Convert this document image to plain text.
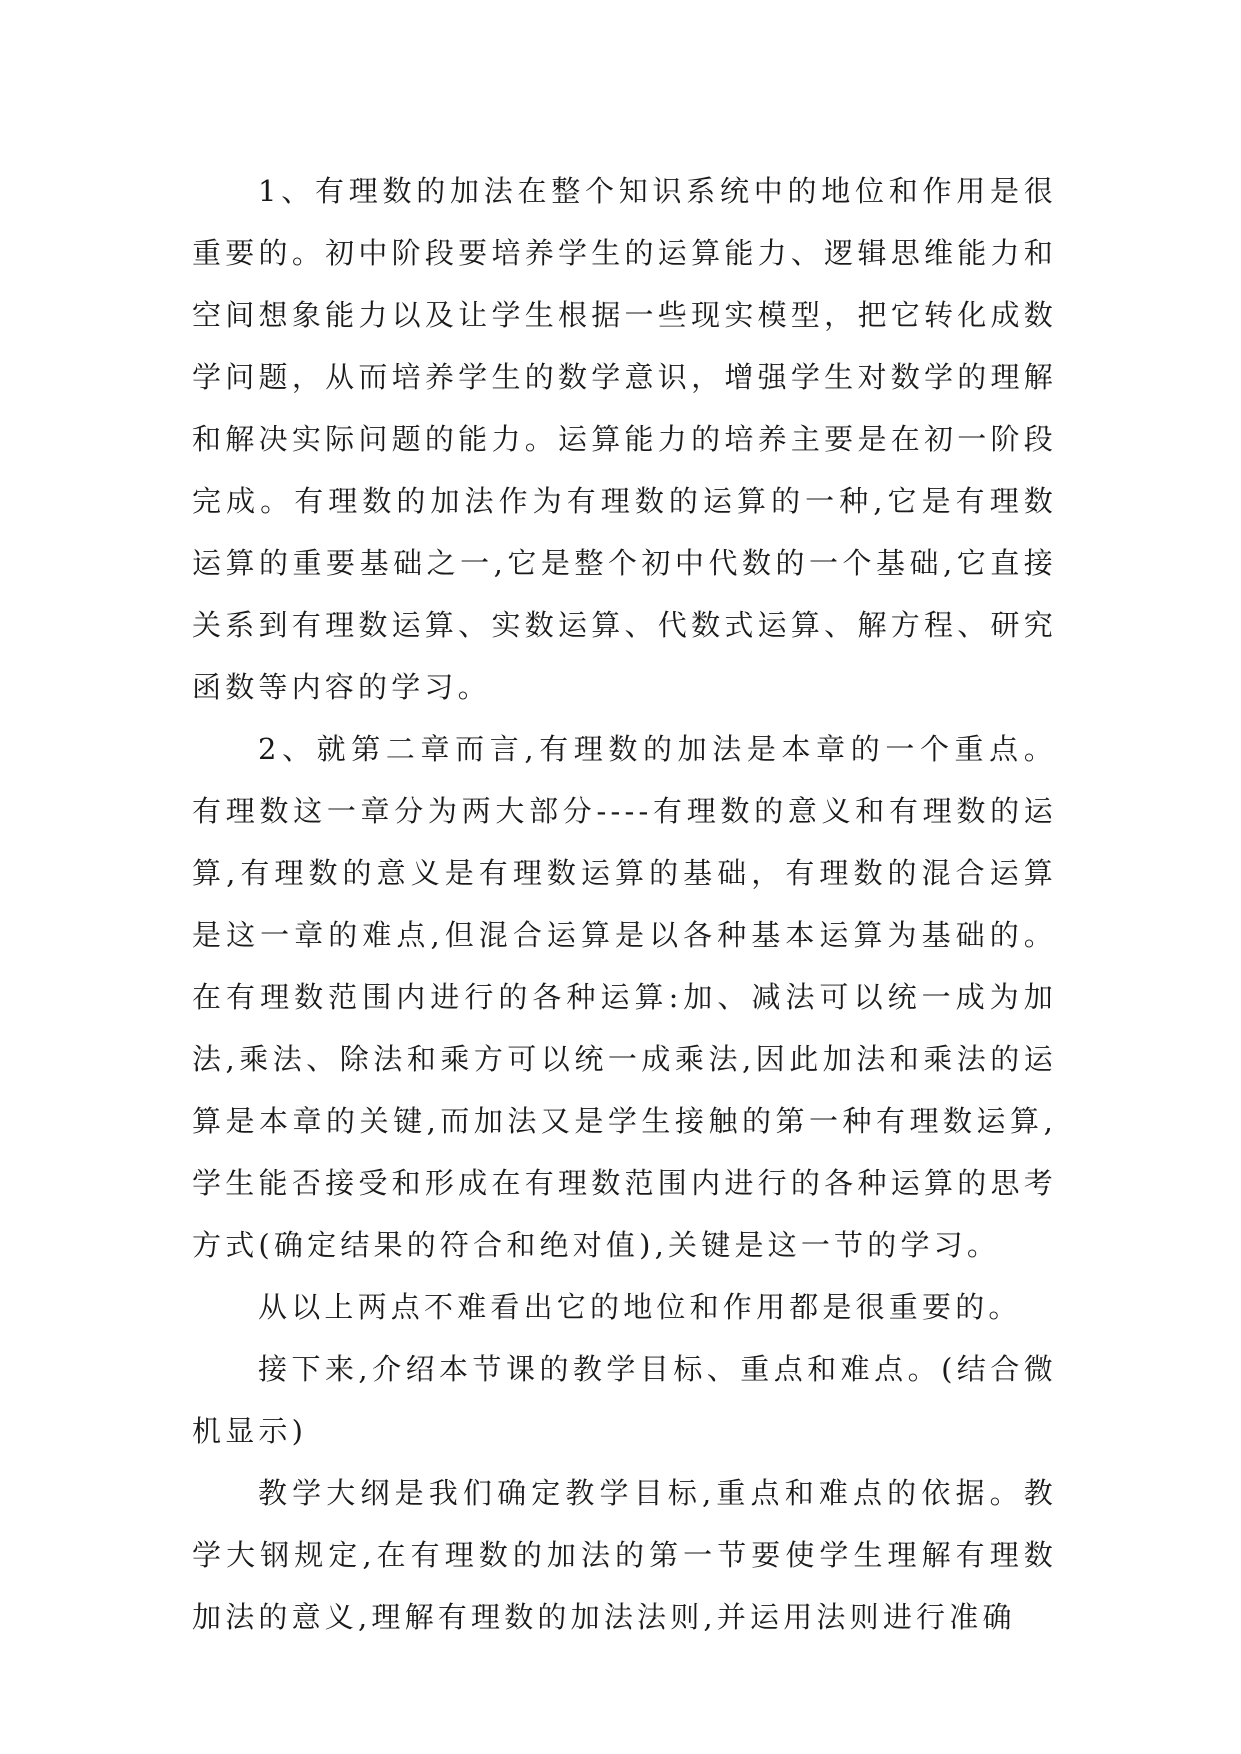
1、有理数的加法在整个知识系统中的地位和作用是很重要的。初中阶段要培养学生的运算能力、逻辑思维能力和空间想象能力以及让学生根据一些现实模型，把它转化成数学问题，从而培养学生的数学意识，增强学生对数学的理解和解决实际问题的能力。运算能力的培养主要是在初一阶段完成。有理数的加法作为有理数的运算的一种,它是有理数运算的重要基础之一,它是整个初中代数的一个基础,它直接关系到有理数运算、实数运算、代数式运算、解方程、研究函数等内容的学习。

2、就第二章而言,有理数的加法是本章的一个重点。有理数这一章分为两大部分----有理数的意义和有理数的运算,有理数的意义是有理数运算的基础，有理数的混合运算是这一章的难点,但混合运算是以各种基本运算为基础的。在有理数范围内进行的各种运算:加、减法可以统一成为加法,乘法、除法和乘方可以统一成乘法,因此加法和乘法的运算是本章的关键,而加法又是学生接触的第一种有理数运算,学生能否接受和形成在有理数范围内进行的各种运算的思考方式(确定结果的符合和绝对值),关键是这一节的学习。

从以上两点不难看出它的地位和作用都是很重要的。

接下来,介绍本节课的教学目标、重点和难点。(结合微机显示)

教学大纲是我们确定教学目标,重点和难点的依据。教学大钢规定,在有理数的加法的第一节要使学生理解有理数加法的意义,理解有理数的加法法则,并运用法则进行准确
